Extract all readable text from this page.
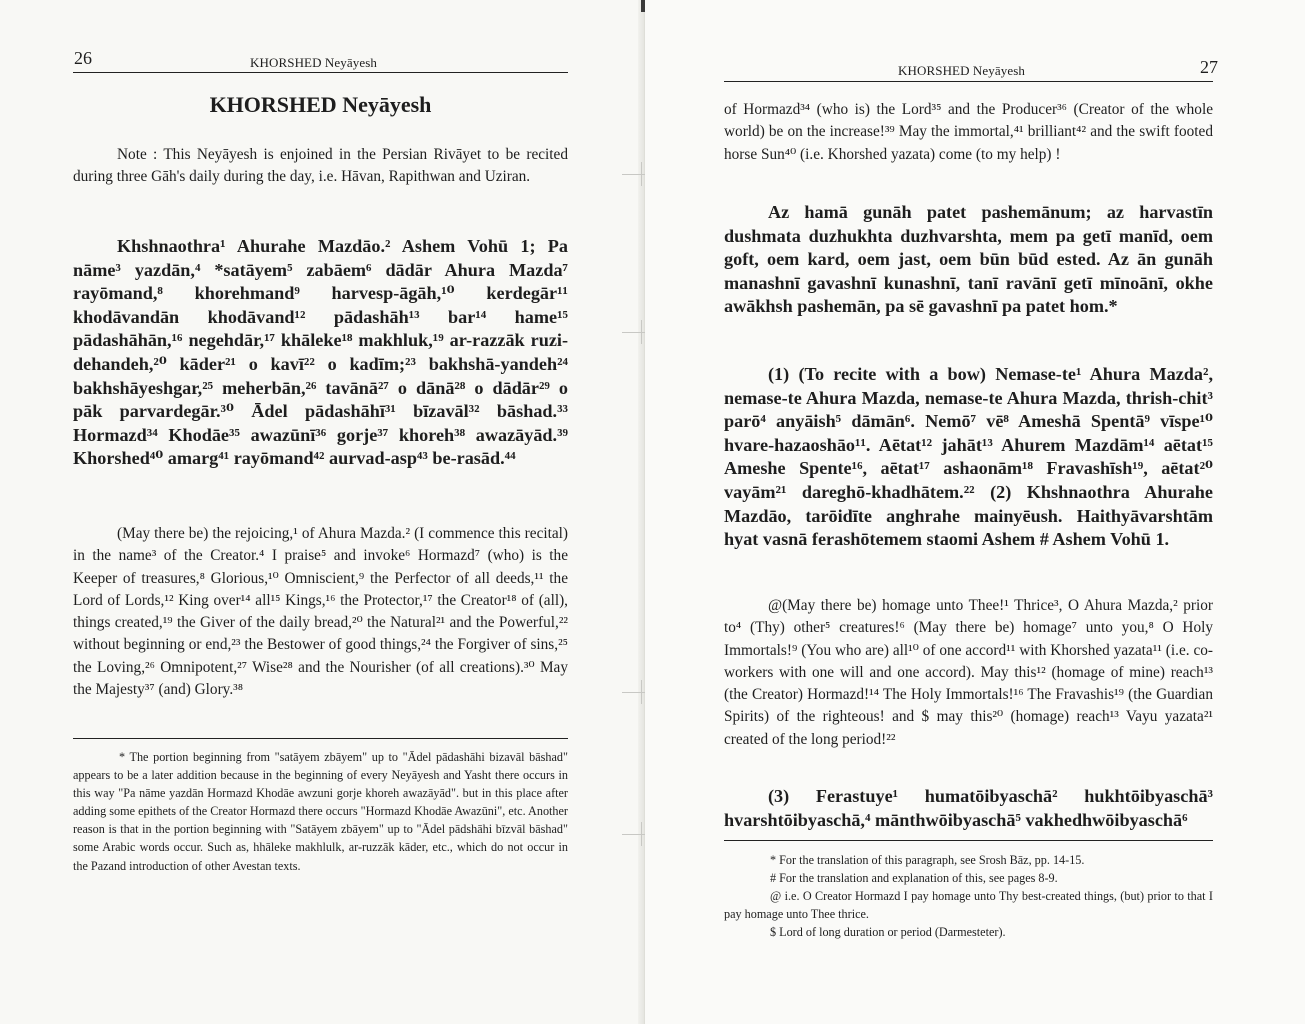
26	KHORSHED Neyāyesh
KHORSHED Neyāyesh

Note : This Neyāyesh is enjoined in the Persian Rivāyet to be recited during three Gāh's daily during the day, i.e. Hāvan, Rapithwan and Uziran.

Khshnaothra¹ Ahurahe Mazdāo.² Ashem Vohū 1; Pa nāme³ yazdān,⁴ *satāyem⁵ zabāem⁶ dādār Ahura Mazda⁷ rayōmand,⁸ khorehmand⁹ harvesp-āgāh,¹⁰ kerdegār¹¹ khodāvandān khodāvand¹² pādashāh¹³ bar¹⁴ hame¹⁵ pādashāhān,¹⁶ negehdār,¹⁷ khāleke¹⁸ makhluk,¹⁹ ar-razzāk ruzi-dehandeh,²⁰ kāder²¹ o kavī²² o kadīm;²³ bakhshā-yandeh²⁴ bakhshāyeshgar,²⁵ meherbān,²⁶ tavānā²⁷ o dānā²⁸ o dādār²⁹ o pāk parvardegār.³⁰ Ādel pādashāhī³¹ bīzavāl³² bāshad.³³ Hormazd³⁴ Khodāe³⁵ awazūnī³⁶ gorje³⁷ khoreh³⁸ awazāyād.³⁹ Khorshed⁴⁰ amarg⁴¹ rayōmand⁴² aurvad-asp⁴³ be-rasād.⁴⁴

(May there be) the rejoicing,¹ of Ahura Mazda.² (I commence this recital) in the name³ of the Creator.⁴ I praise⁵ and invoke⁶ Hormazd⁷ (who) is the Keeper of treasures,⁸ Glorious,¹⁰ Omniscient,⁹ the Perfector of all deeds,¹¹ the Lord of Lords,¹² King over¹⁴ all¹⁵ Kings,¹⁶ the Protector,¹⁷ the Creator¹⁸ of (all), things created,¹⁹ the Giver of the daily bread,²⁰ the Natural²¹ and the Powerful,²² without beginning or end,²³ the Bestower of good things,²⁴ the Forgiver of sins,²⁵ the Loving,²⁶ Omnipotent,²⁷ Wise²⁸ and the Nourisher (of all creations).³⁰ May the Majesty³⁷ (and) Glory.³⁸

* The portion beginning from "satāyem zbāyem" up to "Ādel pādashāhi bizavāl bāshad" appears to be a later addition because in the beginning of every Neyāyesh and Yasht there occurs in this way "Pa nāme yazdān Hormazd Khodāe awzuni gorje khoreh awazāyād". but in this place after adding some epithets of the Creator Hormazd there occurs "Hormazd Khodāe Awazūni", etc. Another reason is that in the portion beginning with "Satāyem zbāyem" up to "Ādel pādshāhi bīzvāl bāshad" some Arabic words occur. Such as, hhāleke makhlulk, ar-ruzzāk kāder, etc., which do not occur in the Pazand introduction of other Avestan texts.

27
KHORSHED Neyāyesh

of Hormazd³⁴ (who is) the Lord³⁵ and the Producer³⁶ (Creator of the whole world) be on the increase!³⁹ May the immortal,⁴¹ brilliant⁴² and the swift footed horse Sun⁴⁰ (i.e. Khorshed yazata) come (to my help) !

Az hamā gunāh patet pashemānum; az harvastīn dushmata duzhukhta duzhvarshta, mem pa getī manīd, oem goft, oem kard, oem jast, oem būn būd ested. Az ān gunāh manashnī gavashnī kunashnī, tanī ravānī getī mīnoānī, okhe awākhsh pashemān, pa sē gavashnī pa patet hom.*

(1) (To recite with a bow) Nemase-te¹ Ahura Mazda², nemase-te Ahura Mazda, nemase-te Ahura Mazda, thrish-chit³ parō⁴ anyāish⁵ dāmān⁶. Nemō⁷ vē⁸ Ameshā Spentā⁹ vīspe¹⁰ hvare-hazaoshāo¹¹. Aētat¹² jahāt¹³ Ahurem Mazdām¹⁴ aētat¹⁵ Ameshe Spente¹⁶, aētat¹⁷ ashaonām¹⁸ Fravashīsh¹⁹, aētat²⁰ vayām²¹ dareghō-khadhātem.²² (2) Khshnaothra Ahurahe Mazdāo, tarōidīte anghrahe mainyēush. Haithyāvarshtām hyat vasnā ferashōtemem staomi Ashem # Ashem Vohū 1.

@(May there be) homage unto Thee!¹ Thrice³, O Ahura Mazda,² prior to⁴ (Thy) other⁵ creatures!⁶ (May there be) homage⁷ unto you,⁸ O Holy Immortals!⁹ (You who are) all¹⁰ of one accord¹¹ with Khorshed yazata¹¹ (i.e. co-workers with one will and one accord). May this¹² (homage of mine) reach¹³ (the Creator) Hormazd!¹⁴ The Holy Immortals!¹⁶ The Fravashis¹⁹ (the Guardian Spirits) of the righteous! and $ may this²⁰ (homage) reach¹³ Vayu yazata²¹ created of the long period!²²

(3) Ferastuye¹ humatōibyaschā² hukhtōibyaschā³ hvarshtōibyaschā,⁴ mānthwōibyaschā⁵ vakhedhwōibyaschā⁶

* For the translation of this paragraph, see Srosh Bāz, pp. 14-15.

# For the translation and explanation of this, see pages 8-9.

@ i.e. O Creator Hormazd I pay homage unto Thy best-created things, (but) prior to that I pay homage unto Thee thrice.

$ Lord of long duration or period (Darmesteter).
